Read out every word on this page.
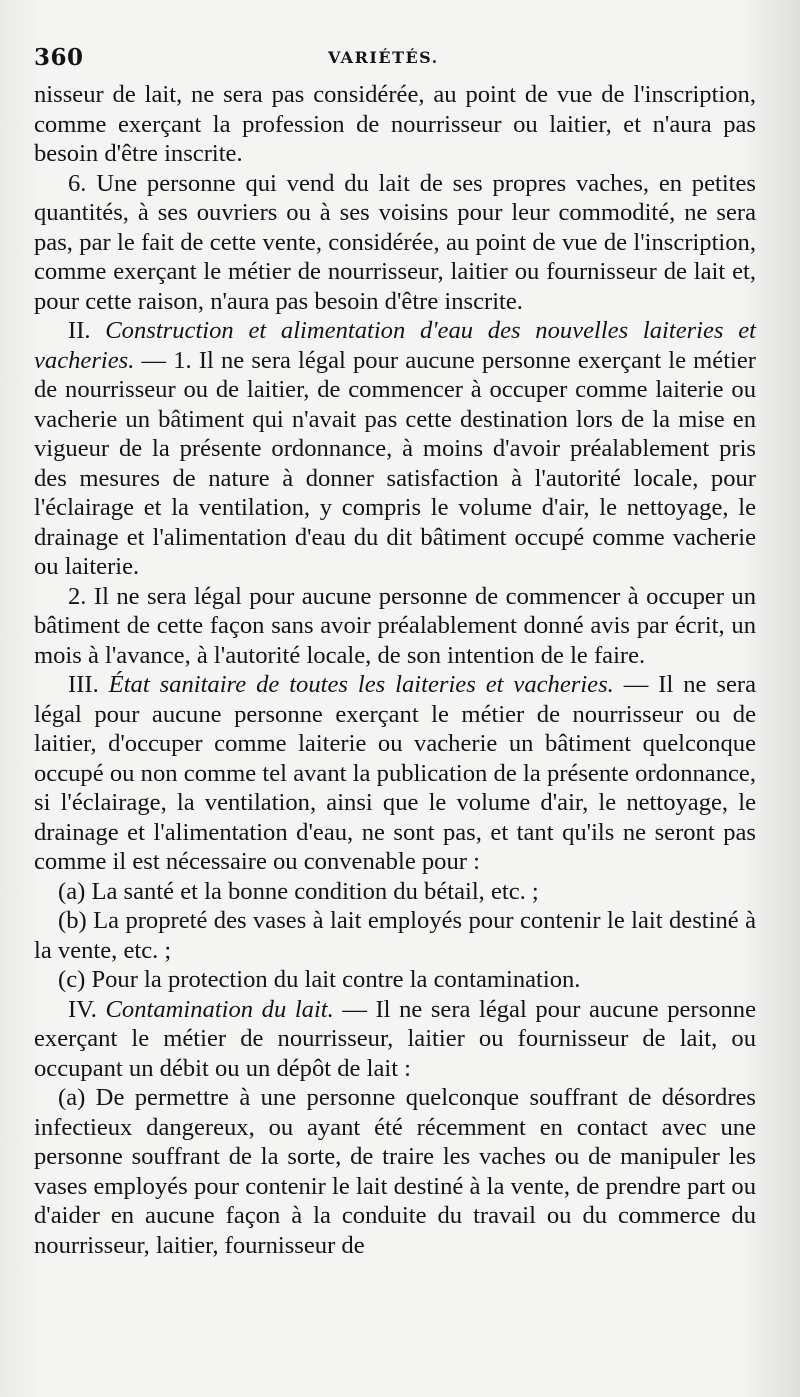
360	VARIÉTÉS.

nisseur de lait, ne sera pas considérée, au point de vue de l'inscription, comme exerçant la profession de nourrisseur ou laitier, et n'aura pas besoin d'être inscrite.

6. Une personne qui vend du lait de ses propres vaches, en petites quantités, à ses ouvriers ou à ses voisins pour leur commodité, ne sera pas, par le fait de cette vente, considérée, au point de vue de l'inscription, comme exerçant le métier de nourrisseur, laitier ou fournisseur de lait et, pour cette raison, n'aura pas besoin d'être inscrite.

II. Construction et alimentation d'eau des nouvelles laiteries et vacheries. — 1. Il ne sera légal pour aucune personne exerçant le métier de nourrisseur ou de laitier, de commencer à occuper comme laiterie ou vacherie un bâtiment qui n'avait pas cette destination lors de la mise en vigueur de la présente ordonnance, à moins d'avoir préalablement pris des mesures de nature à donner satisfaction à l'autorité locale, pour l'éclairage et la ventilation, y compris le volume d'air, le nettoyage, le drainage et l'alimentation d'eau du dit bâtiment occupé comme vacherie ou laiterie.

2. Il ne sera légal pour aucune personne de commencer à occuper un bâtiment de cette façon sans avoir préalablement donné avis par écrit, un mois à l'avance, à l'autorité locale, de son intention de le faire.

III. État sanitaire de toutes les laiteries et vacheries. — Il ne sera légal pour aucune personne exerçant le métier de nourrisseur ou de laitier, d'occuper comme laiterie ou vacherie un bâtiment quelconque occupé ou non comme tel avant la publication de la présente ordonnance, si l'éclairage, la ventilation, ainsi que le volume d'air, le nettoyage, le drainage et l'alimentation d'eau, ne sont pas, et tant qu'ils ne seront pas comme il est nécessaire ou convenable pour :

(a) La santé et la bonne condition du bétail, etc. ;

(b) La propreté des vases à lait employés pour contenir le lait destiné à la vente, etc. ;

(c) Pour la protection du lait contre la contamination.

IV. Contamination du lait. — Il ne sera légal pour aucune personne exerçant le métier de nourrisseur, laitier ou fournisseur de lait, ou occupant un débit ou un dépôt de lait :

(a) De permettre à une personne quelconque souffrant de désordres infectieux dangereux, ou ayant été récemment en contact avec une personne souffrant de la sorte, de traire les vaches ou de manipuler les vases employés pour contenir le lait destiné à la vente, de prendre part ou d'aider en aucune façon à la conduite du travail ou du commerce du nourrisseur, laitier, fournisseur de
